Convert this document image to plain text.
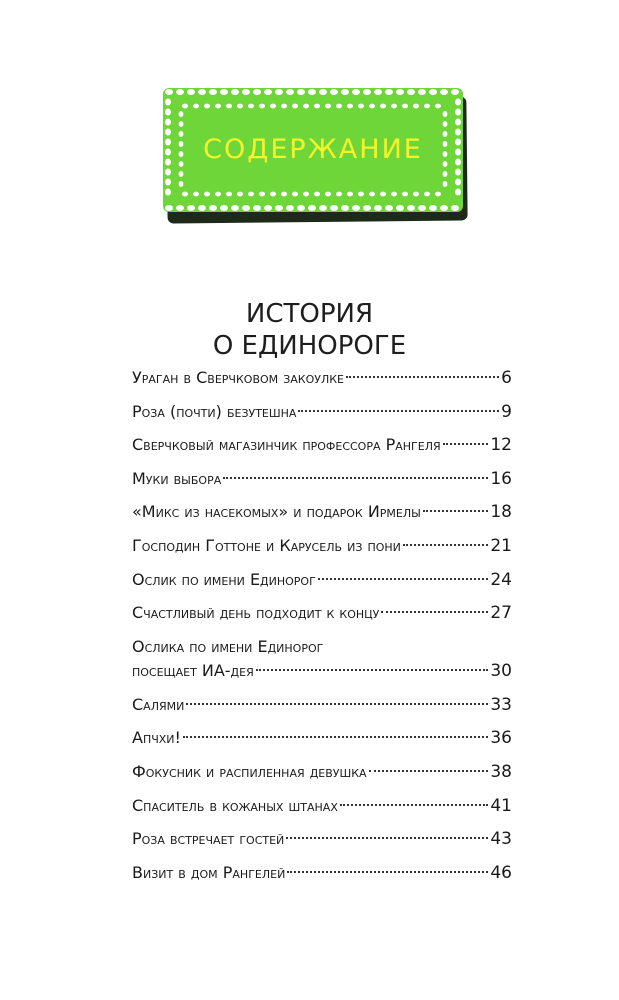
СОДЕРЖАНИЕ
ИСТОРИЯ
О ЕДИНОРОГЕ
Ураган в Сверчковом закоулке	6
Роза (почти) безутешна	9
Сверчковый магазинчик профессора Рангеля	12
Муки выбора	16
«Микс из насекомых» и подарок Ирмелы	18
Господин Готтоне и Карусель из пони	21
Ослик по имени Единорог	24
Счастливый день подходит к концу	27
Ослика по имени Единорог
посещает ИА-дея	30
Салями	33
Апчхи!	36
Фокусник и распиленная девушка	38
Спаситель в кожаных штанах	41
Роза встречает гостей	43
Визит в дом Рангелей	46
